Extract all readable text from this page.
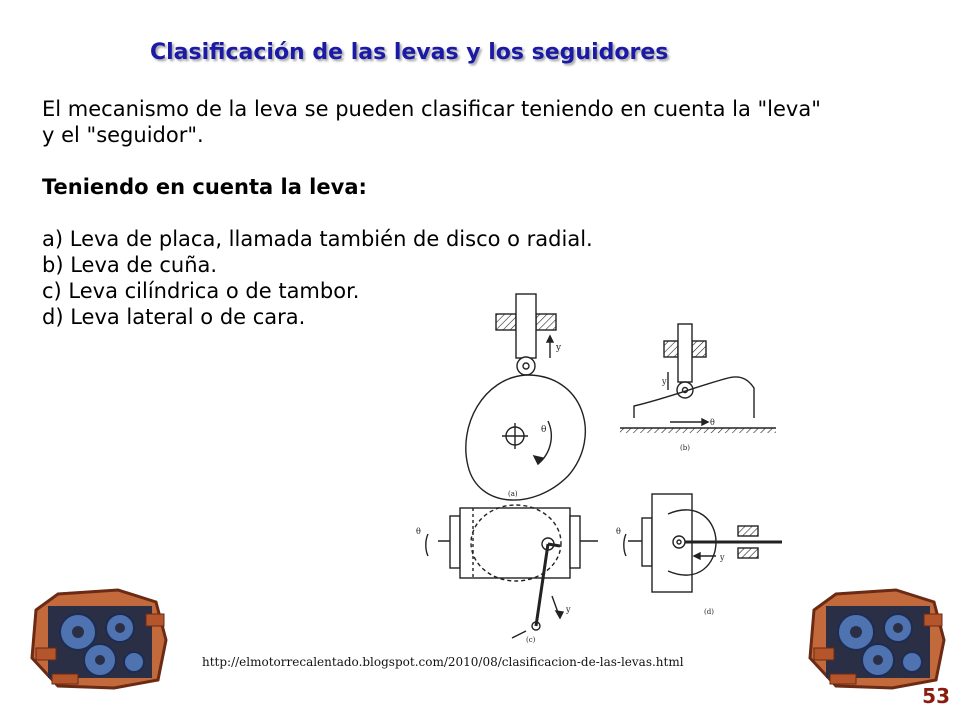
Clasificación de las levas y los seguidores

El mecanismo de la leva se pueden clasificar teniendo en cuenta la "leva"

y el "seguidor".

Teniendo en cuenta la leva:

a) Leva de placa, llamada también de disco o radial.

b) Leva de cuña.

c) Leva cilíndrica o de tambor.

d) Leva lateral o de cara.

y
θ
(a)
y
θ
(b)
θ
y
(c)
θ
y
(d)
http://elmotorrecalentado.blogspot.com/2010/08/clasificacion-de-las-levas.html
53
